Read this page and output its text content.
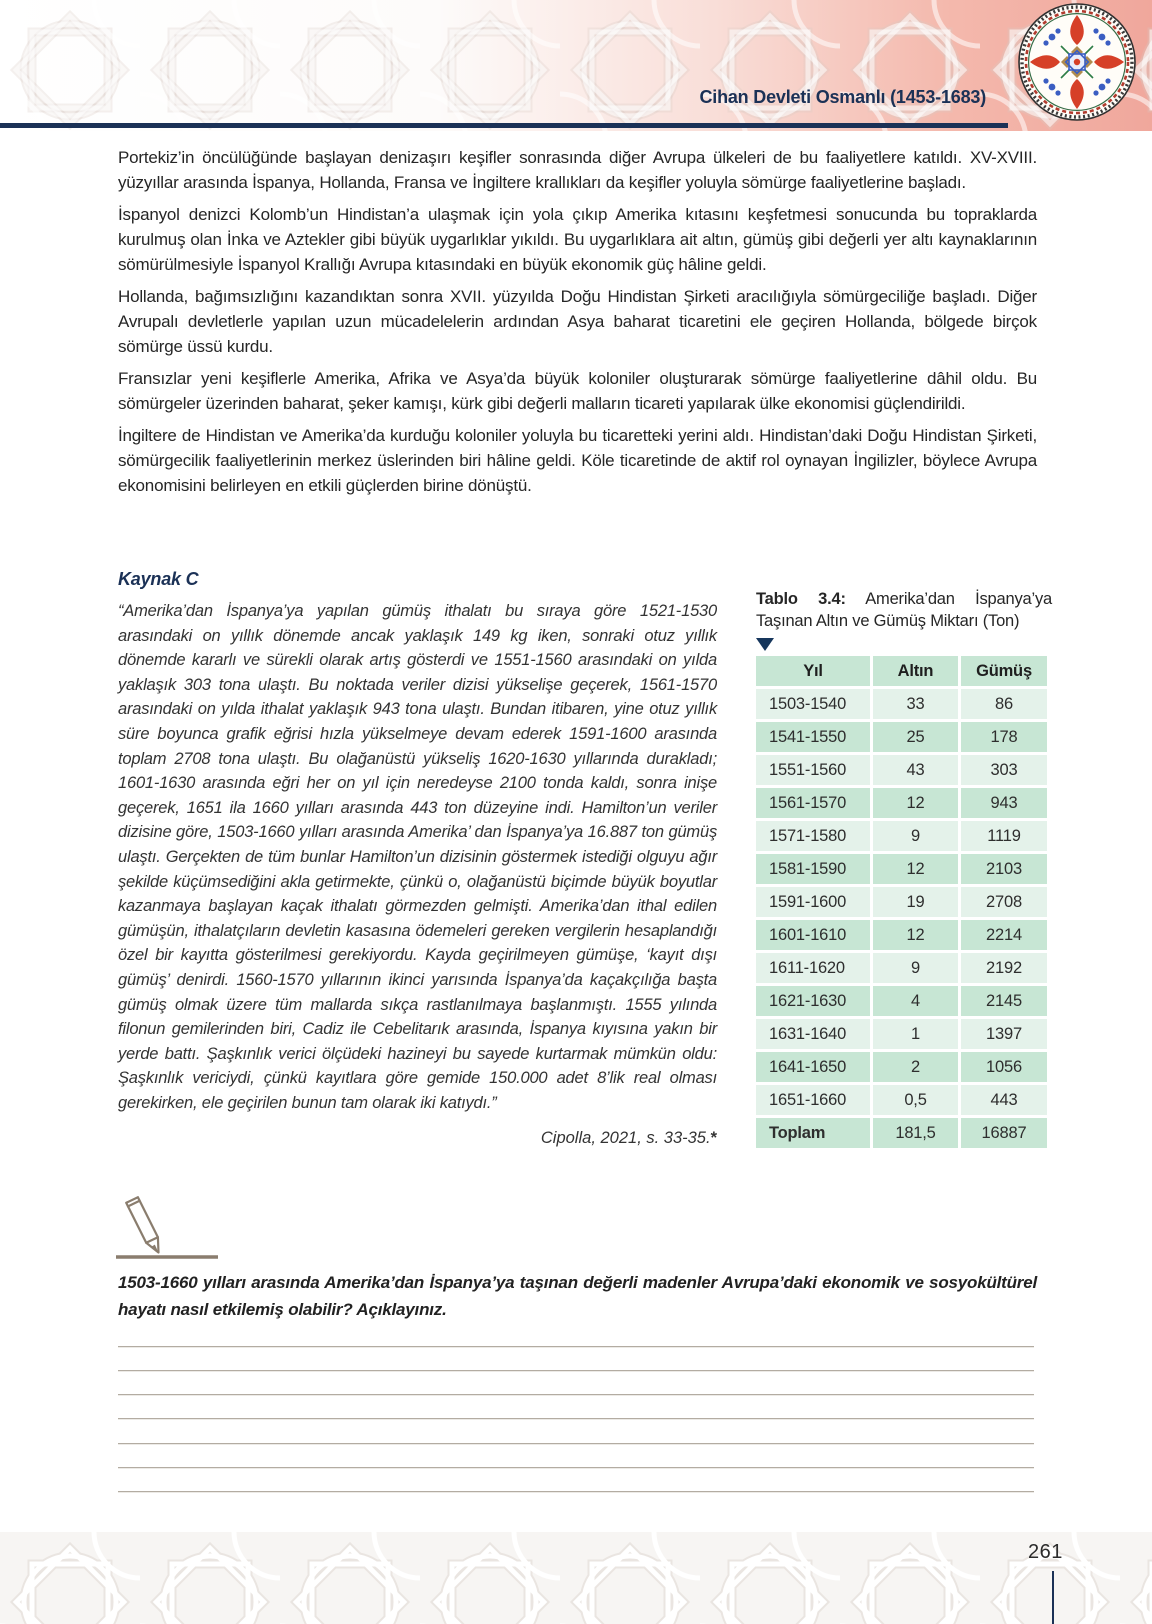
Cihan Devleti Osmanlı (1453-1683)

Portekiz’in öncülüğünde başlayan denizaşırı keşifler sonrasında diğer Avrupa ülkeleri de bu faaliyetlere katıldı. XV-XVIII. yüzyıllar arasında İspanya, Hollanda, Fransa ve İngiltere krallıkları da keşifler yoluyla sömürge faaliyetlerine başladı.

İspanyol denizci Kolomb’un Hindistan’a ulaşmak için yola çıkıp Amerika kıtasını keşfetmesi sonucunda bu topraklarda kurulmuş olan İnka ve Aztekler gibi büyük uygarlıklar yıkıldı. Bu uygarlıklara ait altın, gümüş gibi değerli yer altı kaynaklarının sömürülmesiyle İspanyol Krallığı Avrupa kıtasındaki en büyük ekonomik güç hâline geldi.

Hollanda, bağımsızlığını kazandıktan sonra XVII. yüzyılda Doğu Hindistan Şirketi aracılığıyla sömürgeciliğe başladı. Diğer Avrupalı devletlerle yapılan uzun mücadelelerin ardından Asya baharat ticaretini ele geçiren Hollanda, bölgede birçok sömürge üssü kurdu.

Fransızlar yeni keşiflerle Amerika, Afrika ve Asya’da büyük koloniler oluşturarak sömürge faaliyetlerine dâhil oldu. Bu sömürgeler üzerinden baharat, şeker kamışı, kürk gibi değerli malların ticareti yapılarak ülke ekonomisi güçlendirildi.

İngiltere de Hindistan ve Amerika’da kurduğu koloniler yoluyla bu ticaretteki yerini aldı. Hindistan’daki Doğu Hindistan Şirketi, sömürgecilik faaliyetlerinin merkez üslerinden biri hâline geldi. Köle ticaretinde de aktif rol oynayan İngilizler, böylece Avrupa ekonomisini belirleyen en etkili güçlerden birine dönüştü.

Kaynak C
“Amerika’dan İspanya’ya yapılan gümüş ithalatı bu sıraya göre 1521-1530 arasındaki on yıllık dönemde ancak yaklaşık 149 kg iken, sonraki otuz yıllık dönemde kararlı ve sürekli olarak artış gösterdi ve 1551-1560 arasındaki on yılda yaklaşık 303 tona ulaştı. Bu noktada veriler dizisi yükselişe geçerek, 1561-1570 arasındaki on yılda ithalat yaklaşık 943 tona ulaştı. Bundan itibaren, yine otuz yıllık süre boyunca grafik eğrisi hızla yükselmeye devam ederek 1591-1600 arasında toplam 2708 tona ulaştı. Bu olağanüstü yükseliş 1620-1630 yıllarında durakladı; 1601-1630 arasında eğri her on yıl için neredeyse 2100 tonda kaldı, sonra inişe geçerek, 1651 ila 1660 yılları arasında 443 ton düzeyine indi. Hamilton’un veriler dizisine göre, 1503-1660 yılları arasında Amerika’ dan İspanya’ya 16.887 ton gümüş ulaştı. Gerçekten de tüm bunlar Hamilton’un dizisinin göstermek istediği olguyu ağır şekilde küçümsediğini akla getirmekte, çünkü o, olağanüstü biçimde büyük boyutlar kazanmaya başlayan kaçak ithalatı görmezden gelmişti. Amerika’dan ithal edilen gümüşün, ithalatçıların devletin kasasına ödemeleri gereken vergilerin hesaplandığı özel bir kayıtta gösterilmesi gerekiyordu. Kayda geçirilmeyen gümüşe, ‘kayıt dışı gümüş’ denirdi. 1560-1570 yıllarının ikinci yarısında İspanya’da kaçakçılığa başta gümüş olmak üzere tüm mallarda sıkça rastlanılmaya başlanmıştı. 1555 yılında filonun gemilerinden biri, Cadiz ile Cebelitarık arasında, İspanya kıyısına yakın bir yerde battı. Şaşkınlık verici ölçüdeki hazineyi bu sayede kurtarmak mümkün oldu: Şaşkınlık vericiydi, çünkü kayıtlara göre gemide 150.000 adet 8’lik real olması gerekirken, ele geçirilen bunun tam olarak iki katıydı.”
Cipolla, 2021, s. 33-35.*
Tablo 3.4: Amerika’dan İspanya’ya Taşınan Altın ve Gümüş Miktarı (Ton)
Yıl	Altın	Gümüş
1503-1540	33	86
1541-1550	25	178
1551-1560	43	303
1561-1570	12	943
1571-1580	9	1119
1581-1590	12	2103
1591-1600	19	2708
1601-1610	12	2214
1611-1620	9	2192
1621-1630	4	2145
1631-1640	1	1397
1641-1650	2	1056
1651-1660	0,5	443
Toplam	181,5	16887
1503-1660 yılları arasında Amerika’dan İspanya’ya taşınan değerli madenler Avrupa’daki ekonomik ve sosyokültürel hayatı nasıl etkilemiş olabilir? Açıklayınız.
261
